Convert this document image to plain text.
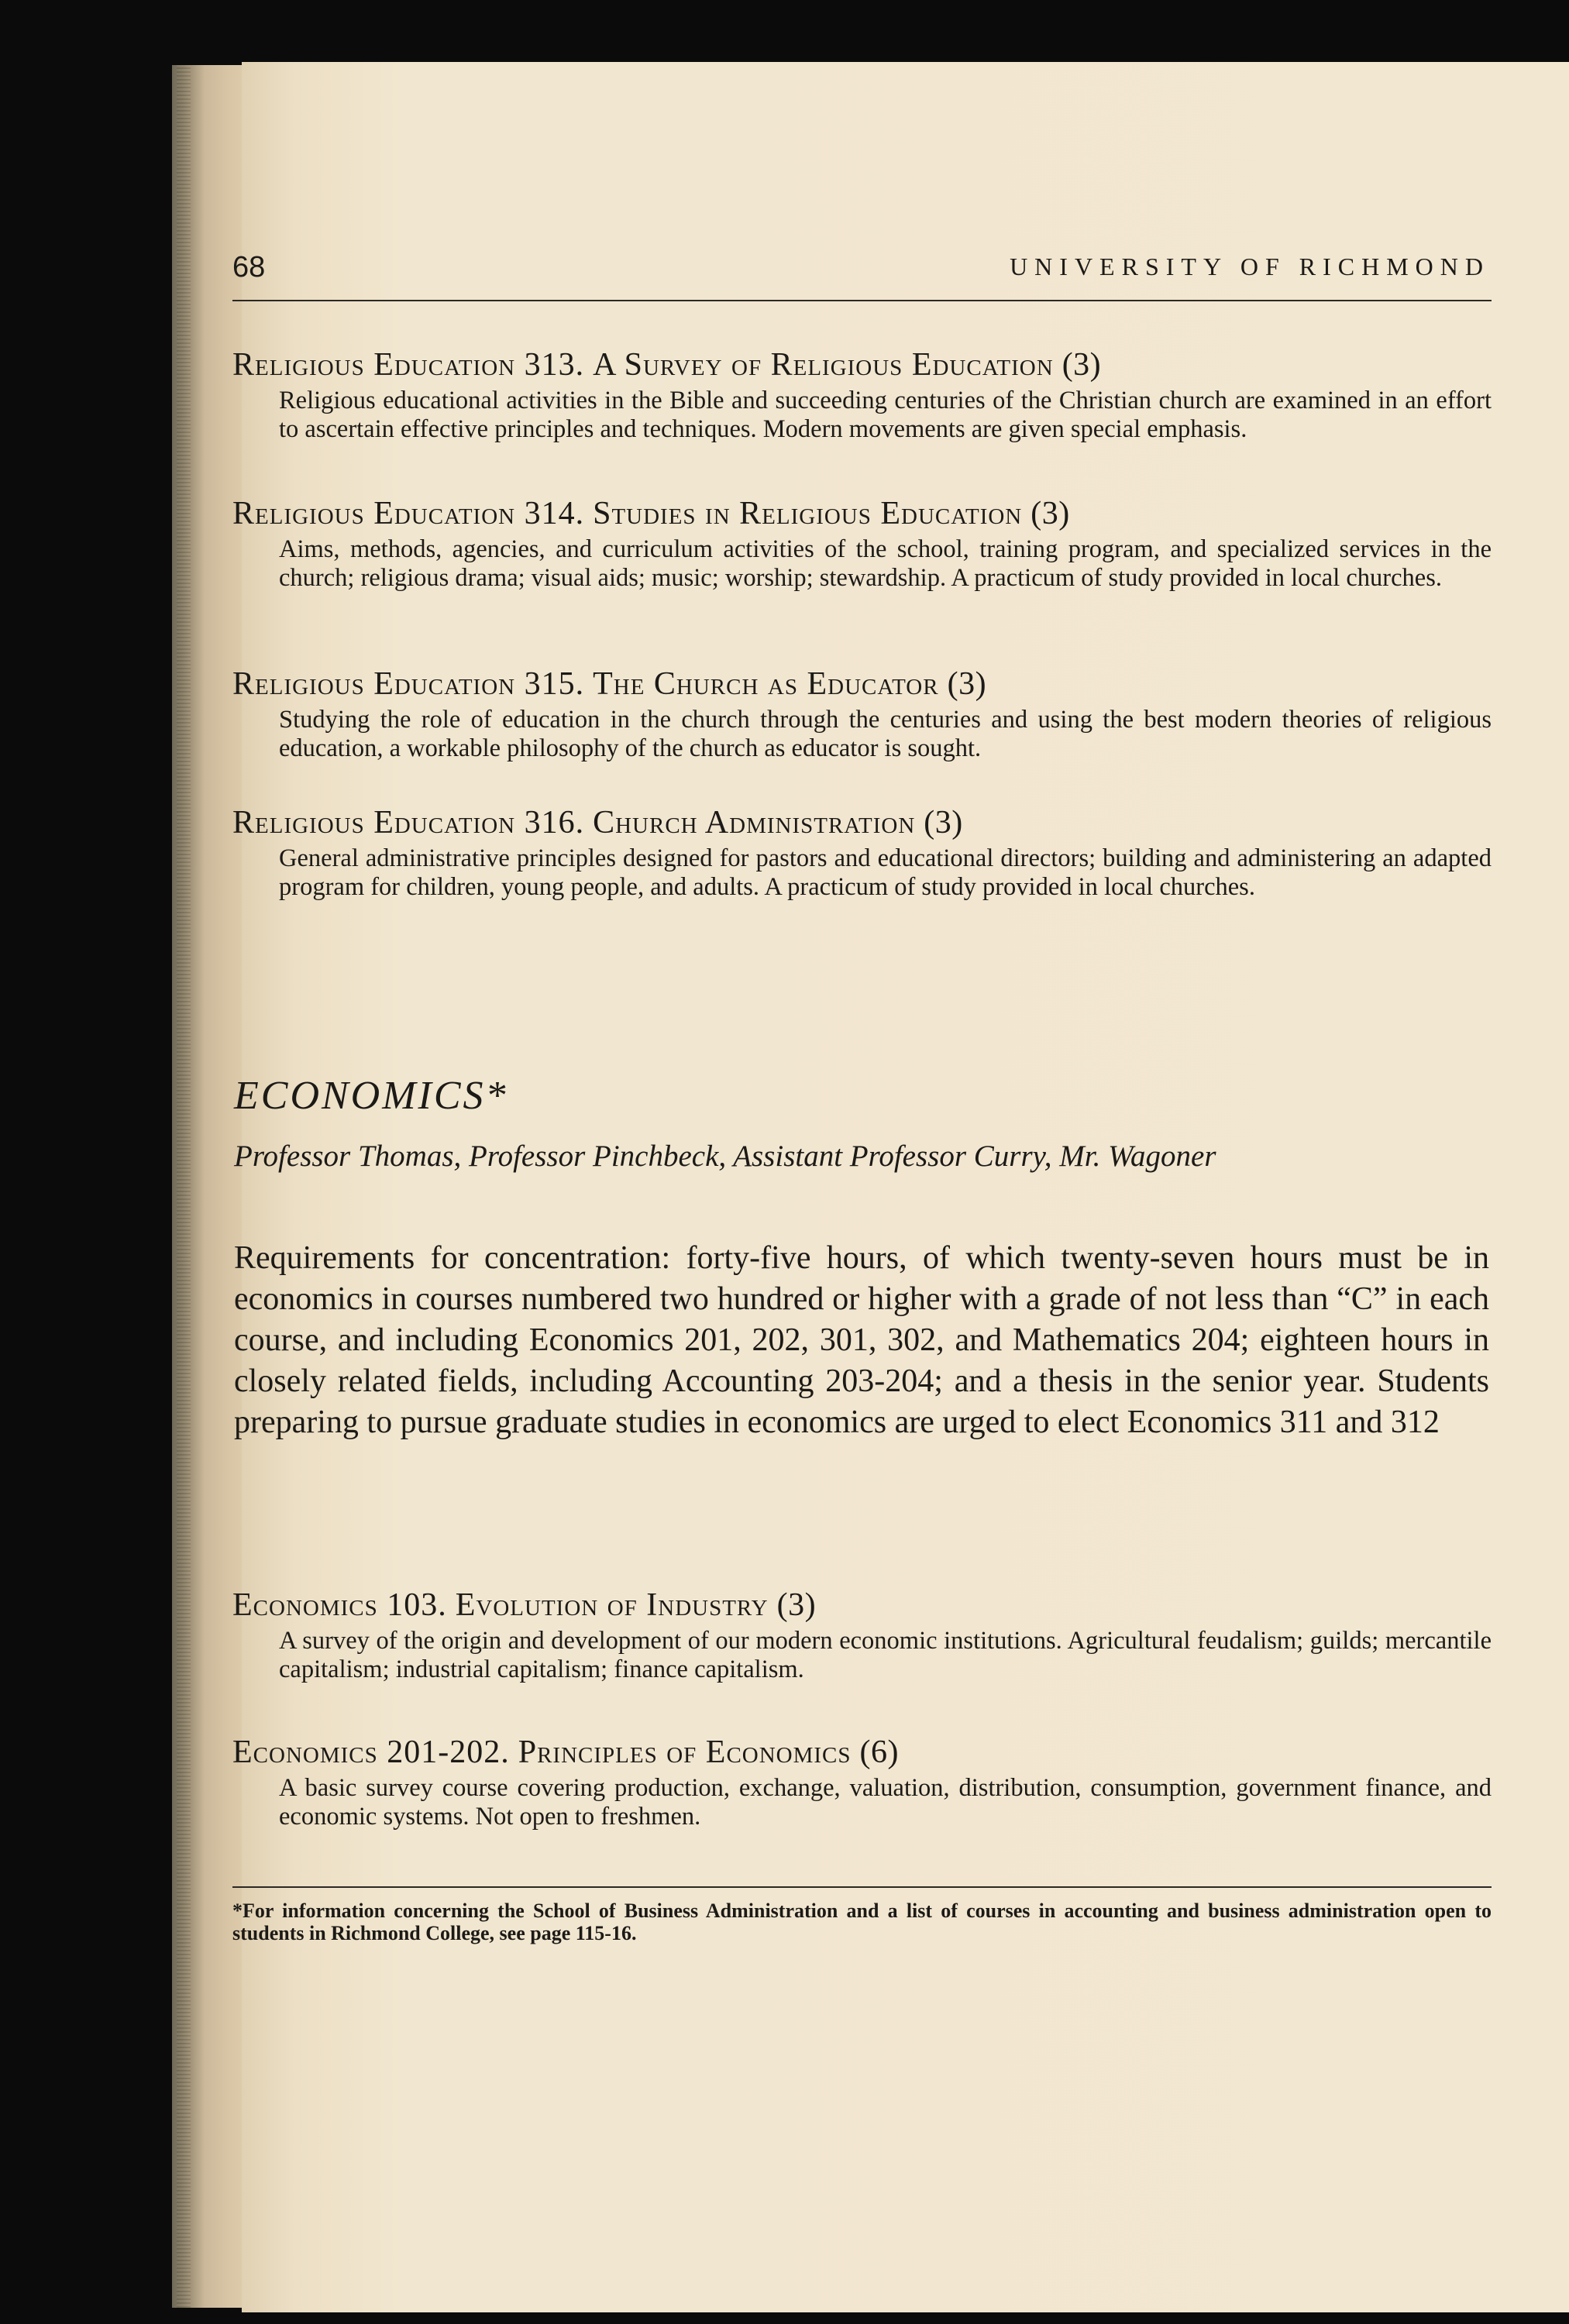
68	UNIVERSITY OF RICHMOND
Religious Education 313. A Survey of Religious Education (3)
Religious educational activities in the Bible and succeeding centuries of the Christian church are examined in an effort to ascertain effective principles and techniques. Modern movements are given special emphasis.
Religious Education 314. Studies in Religious Education (3)
Aims, methods, agencies, and curriculum activities of the school, training program, and specialized services in the church; religious drama; visual aids; music; worship; stewardship. A practicum of study provided in local churches.
Religious Education 315. The Church as Educator (3)
Studying the role of education in the church through the centuries and using the best modern theories of religious education, a workable philosophy of the church as educator is sought.
Religious Education 316. Church Administration (3)
General administrative principles designed for pastors and educational directors; building and administering an adapted program for children, young people, and adults. A practicum of study provided in local churches.
ECONOMICS*
Professor Thomas, Professor Pinchbeck, Assistant Professor Curry, Mr. Wagoner
Requirements for concentration: forty-five hours, of which twenty-seven hours must be in economics in courses numbered two hundred or higher with a grade of not less than “C” in each course, and including Economics 201, 202, 301, 302, and Mathematics 204; eighteen hours in closely related fields, including Accounting 203-204; and a thesis in the senior year. Students preparing to pursue graduate studies in economics are urged to elect Economics 311 and 312
Economics 103. Evolution of Industry (3)
A survey of the origin and development of our modern economic institutions. Agricultural feudalism; guilds; mercantile capitalism; industrial capitalism; finance capitalism.
Economics 201-202. Principles of Economics (6)
A basic survey course covering production, exchange, valuation, distribution, consumption, government finance, and economic systems. Not open to freshmen.
*For information concerning the School of Business Administration and a list of courses in accounting and business administration open to students in Richmond College, see page 115-16.
